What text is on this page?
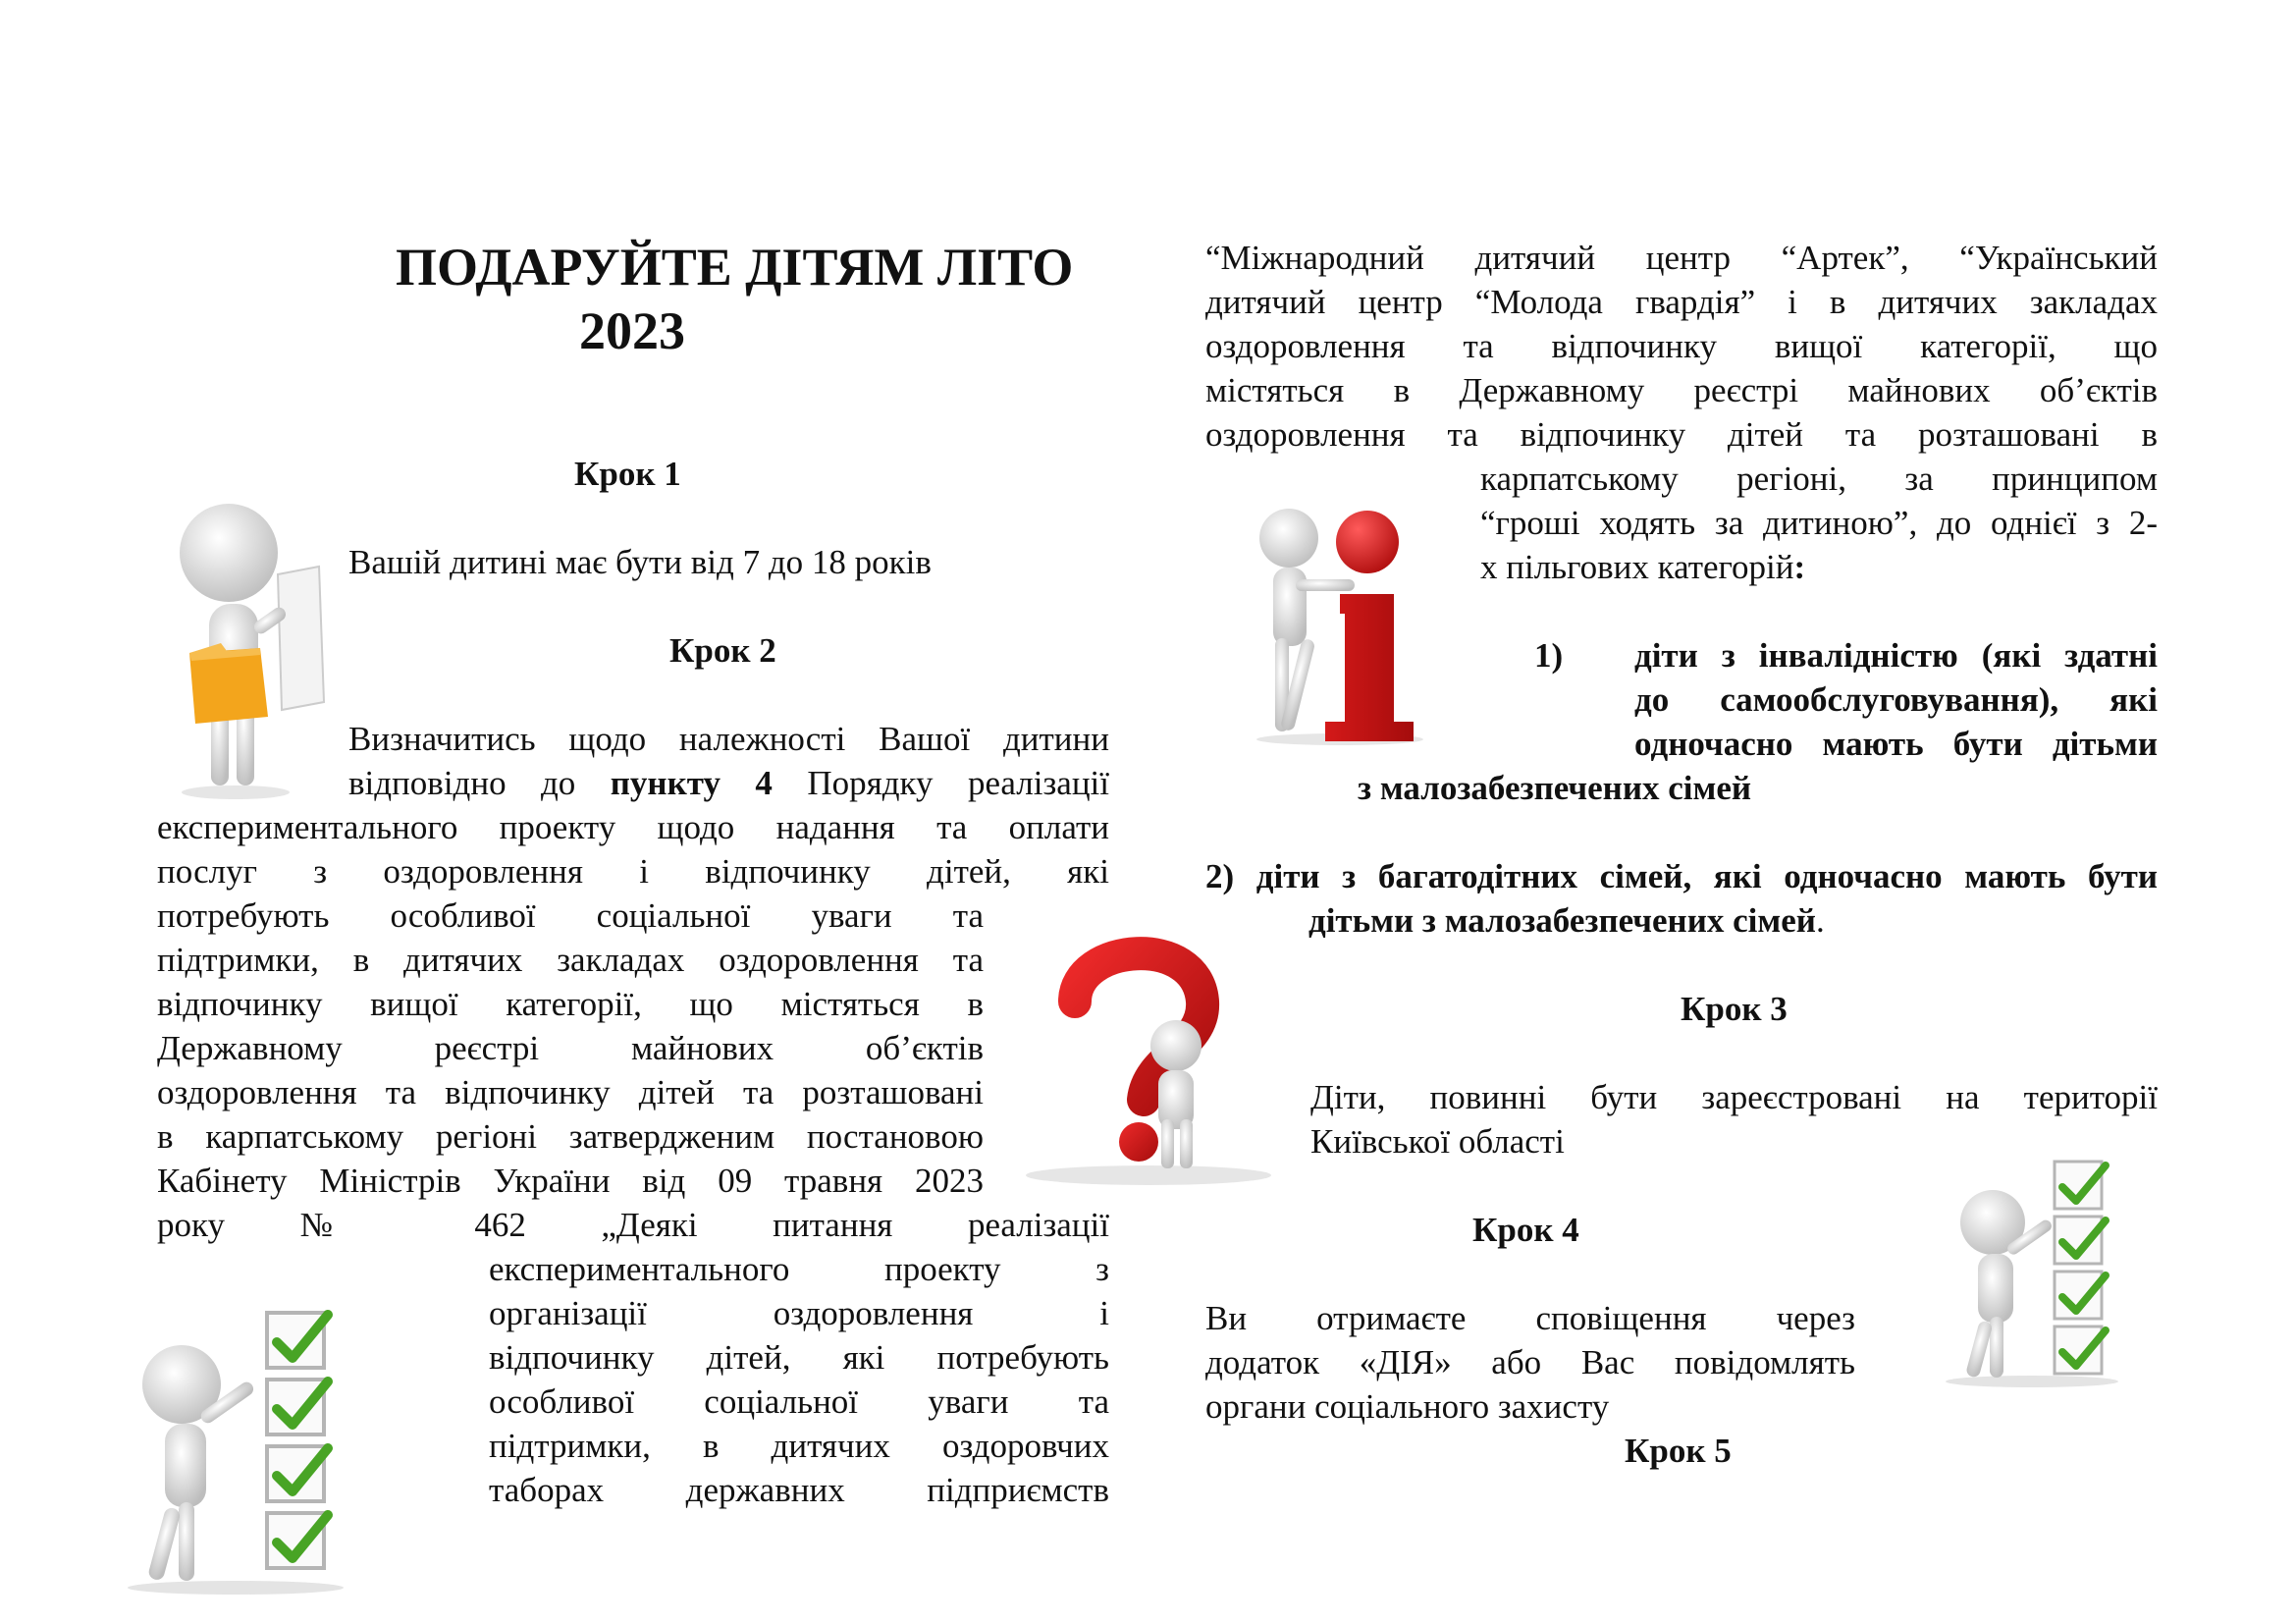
ПОДАРУЙТЕ ДІТЯМ ЛІТО
2023
Крок 1
Вашій дитині має бути від 7 до 18 років
Крок 2
Визначитись щодо належності Вашої дитини
відповідно до пункту 4 Порядку реалізації
експериментального проекту щодо надання та оплати
послуг з оздоровлення і відпочинку дітей, які
потребують особливої соціальної уваги та
підтримки, в дитячих закладах оздоровлення та
відпочинку вищої категорії, що містяться в
Державному реєстрі майнових об’єктів
оздоровлення та відпочинку дітей та розташовані
в карпатському регіоні затвердженим постановою
Кабінету Міністрів України від 09 травня 2023
року № 462 „Деякі питання реалізації
експериментального проекту з
організації оздоровлення і
відпочинку дітей, які потребують
особливої соціальної уваги та
підтримки, в дитячих оздоровчих
таборах державних підприємств
“Міжнародний дитячий центр “Артек”, “Український
дитячий центр “Молода гвардія” і в дитячих закладах
оздоровлення та відпочинку вищої категорії, що
містяться в Державному реєстрі майнових об’єктів
оздоровлення та відпочинку дітей та розташовані в
карпатському регіоні, за принципом
“гроші ходять за дитиною”, до однієї з 2-
х пільгових категорій:
1) діти з інвалідністю (які здатні
до самообслуговування), які
одночасно мають бути дітьми
з малозабезпечених сімей
2) діти з багатодітних сімей, які одночасно мають бути
дітьми з малозабезпечених сімей.
Крок 3
Діти, повинні бути зареєстровані на території
Київської області
Крок 4
Ви отримаєте сповіщення через
додаток «ДІЯ» або Вас повідомлять
органи соціального захисту
Крок 5
